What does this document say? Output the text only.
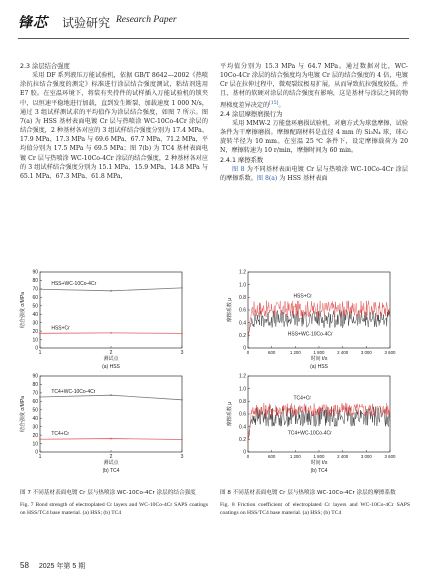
锋芯 试验研究 Research Paper

2.3 涂层结合强度

采用 DF 系列液压万能试验机，依据 GB/T 8642—2002《热喷涂抗拉结合强度的测定》标准进行涂层结合强度测试，粘结剂选用 E7 胶。在室温环境下，将装有夹持件的试样插入万能试验机的锁夹中，以恒速平稳地进行加载，直到发生断裂，加载速度 1 000 N/s，通过 3 组试样测试求的平均值作为涂层结合强度，如图 7 所示。图 7(a) 为 HSS 基材表面电镀 Cr 层与热喷涂 WC-10Co-4Cr 涂层的结合强度，2 种基材各对应的 3 组试样结合强度分别为 17.4 MPa、17.9 MPa、17.3 MPa 与 69.6 MPa、67.7 MPa、71.2 MPa，平均值分别为 17.5 MPa 与 69.5 MPa；图 7(b) 为 TC4 基材表面电镀 Cr 层与热喷涂 WC-10Co-4Cr 涂层的结合强度，2 种基材各对应的 3 组试样结合强度分别为 15.1 MPa、15.9 MPa、14.8 MPa 与 65.1 MPa、67.3 MPa、61.8 MPa，

平均值分别为 15.3 MPa 与 64.7 MPa。通过数据对比，WC-10Co-4Cr 涂层的结合强度均为电镀 Cr 层的结合强度的 4 倍，电镀 Cr 层在拉伸过程中，微观裂纹极易扩展，从而导致抗拉强度较低。并且，基材的软硬对涂层的结合强度有影响，这是基材与涂层之间的物理梯度差异决定的[15]。

2.4 涂层摩擦磨损行为

采用 MMW-2 万能盘环磨损试验机，对磨方式为球盘摩擦，试验条件为干摩擦磨损。摩擦配副材料是直径 4 mm 的 Si₃N₄ 球，球心旋转半径为 10 mm。在室温 25 ℃ 条件下，设定摩擦载荷为 20 N，摩擦转速为 10 r/min，摩擦时间为 60 min。

2.4.1 摩擦系数

图 8 为不同基材表面电镀 Cr 层与热喷涂 WC-10Co-4Cr 涂层的摩擦系数。图 8(a) 为 HSS 基材表面

0
10
20
30
40
50
60
70
80
90
1	2	3
测试点
结合强度 σ/MPa
(a) HSS
HSS+WC-10Co-4Cr
HSS+Cr
0
10
20
30
40
50
60
70
80
90
1	2	3
测试点
结合强度 σ/MPa
(b) TC4
TC4+WC-10Co-4Cr
TC4+Cr
图 7 不同基材表面电镀 Cr 层与热喷涂 WC-10Co-4Cr 涂层的结合强度
Fig. 7 Bond strength of electroplated Cr layers and WC-10Co-4Cr SAPS coatings on HSS/TC4 base material. (a) HSS; (b) TC4
0
0.2
0.4
0.6
0.8
1.0
1.2
0	600	1 200	1 800	2 400	3 000	3 600
时间 t/s
摩擦系数 μ
(a) HSS
HSS+Cr
HSS+WC-10Co-4Cr
0
0.2
0.4
0.6
0.8
1.0
1.2
0	600	1 200	1 800	2 400	3 000	3 600
时间 t/s
摩擦系数 μ
(b) TC4
TC4+Cr
TC4+WC-10Co-4Cr
图 8 不同基材表面电镀 Cr 层与热喷涂 WC-10Co-4Cr 涂层的摩擦系数
Fig. 8 Friction coefficient of electroplated Cr layers and WC-10Co-4Cr SAPS coatings on HSS/TC4 base material. (a) HSS; (b) TC4
58 2025 年第 5 期
